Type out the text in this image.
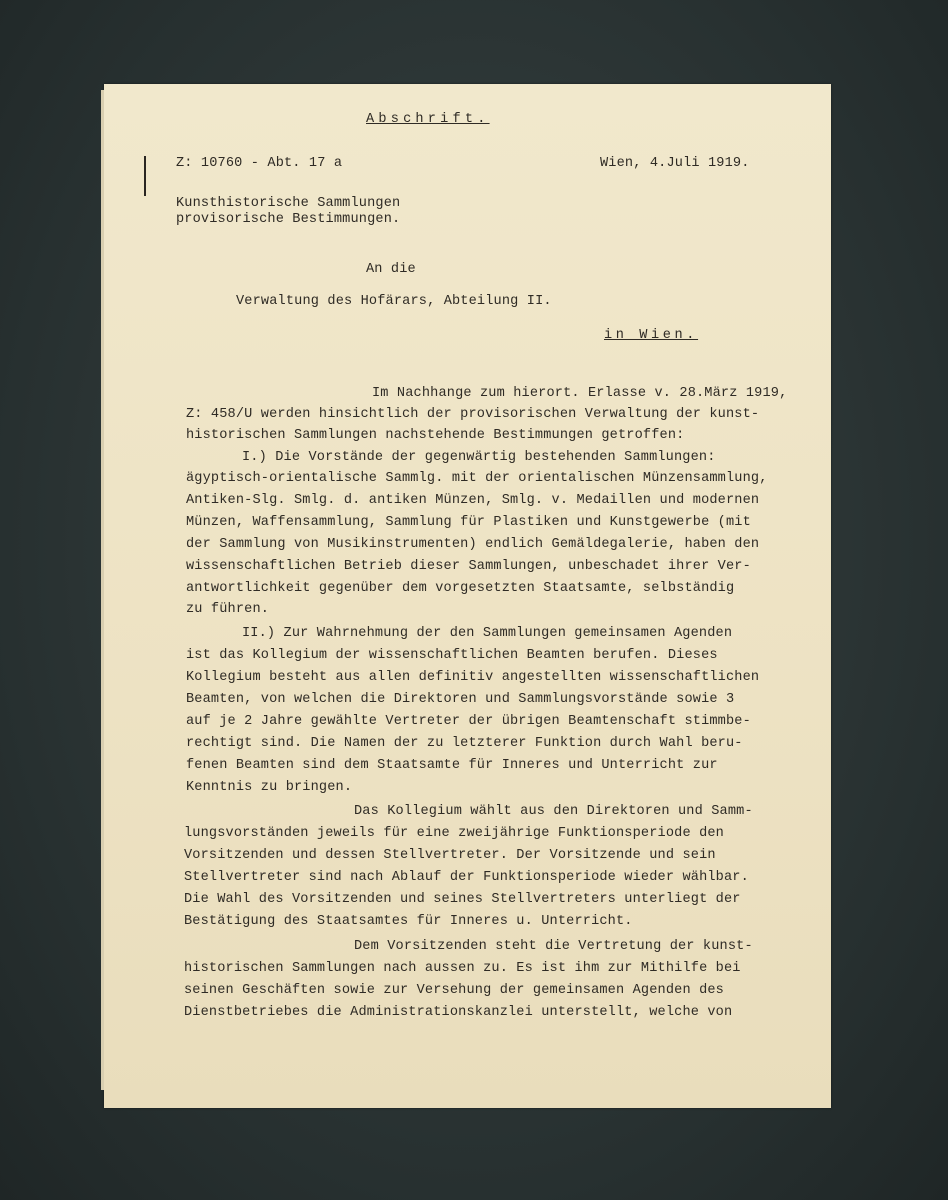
Abschrift.
Z: 10760 - Abt. 17 a	Wien, 4.Juli 1919.
Kunsthistorische Sammlungen
provisorische Bestimmungen.
An die
Verwaltung des Hofärars, Abteilung II.
in Wien.
Im Nachhange zum hierort. Erlasse v. 28.März 1919,
Z: 458/U werden hinsichtlich der provisorischen Verwaltung der kunst-
historischen Sammlungen nachstehende Bestimmungen getroffen:
I.) Die Vorstände der gegenwärtig bestehenden Sammlungen:
ägyptisch-orientalische Sammlg. mit der orientalischen Münzensammlung,
Antiken-Slg. Smlg. d. antiken Münzen, Smlg. v. Medaillen und modernen
Münzen, Waffensammlung, Sammlung für Plastiken und Kunstgewerbe (mit
der Sammlung von Musikinstrumenten) endlich Gemäldegalerie, haben den
wissenschaftlichen Betrieb dieser Sammlungen, unbeschadet ihrer Ver-
antwortlichkeit gegenüber dem vorgesetzten Staatsamte, selbständig
zu führen.
II.) Zur Wahrnehmung der den Sammlungen gemeinsamen Agenden
ist das Kollegium der wissenschaftlichen Beamten berufen. Dieses
Kollegium besteht aus allen definitiv angestellten wissenschaftlichen
Beamten, von welchen die Direktoren und Sammlungsvorstände sowie 3
auf je 2 Jahre gewählte Vertreter der übrigen Beamtenschaft stimmbe-
rechtigt sind. Die Namen der zu letzterer Funktion durch Wahl beru-
fenen Beamten sind dem Staatsamte für Inneres und Unterricht zur
Kenntnis zu bringen.
Das Kollegium wählt aus den Direktoren und Samm-
lungsvorständen jeweils für eine zweijährige Funktionsperiode den
Vorsitzenden und dessen Stellvertreter. Der Vorsitzende und sein
Stellvertreter sind nach Ablauf der Funktionsperiode wieder wählbar.
Die Wahl des Vorsitzenden und seines Stellvertreters unterliegt der
Bestätigung des Staatsamtes für Inneres u. Unterricht.
Dem Vorsitzenden steht die Vertretung der kunst-
historischen Sammlungen nach aussen zu. Es ist ihm zur Mithilfe bei
seinen Geschäften sowie zur Versehung der gemeinsamen Agenden des
Dienstbetriebes die Administrationskanzlei unterstellt, welche von
